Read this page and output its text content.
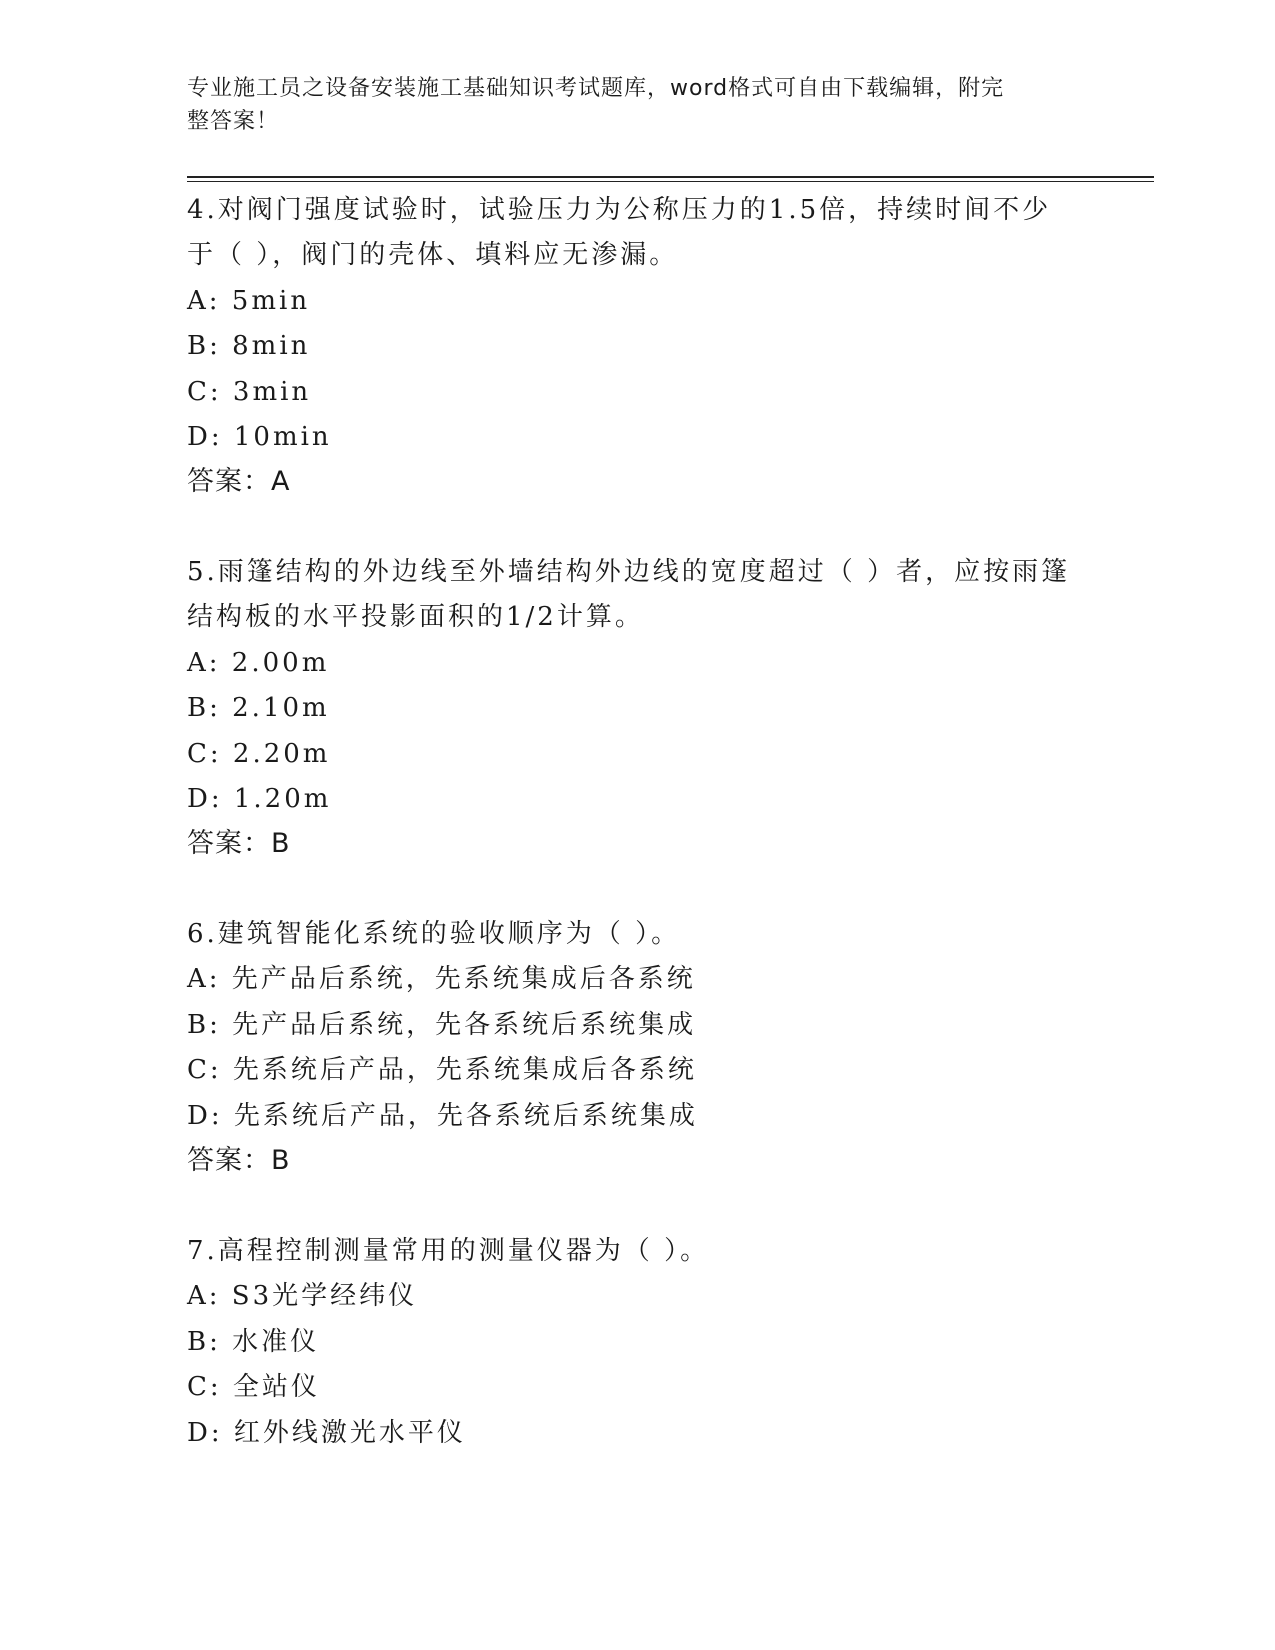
专业施工员之设备安装施工基础知识考试题库，word格式可自由下载编辑，附完
整答案！
4.对阀门强度试验时，试验压力为公称压力的1.5倍，持续时间不少
于（ ），阀门的壳体、填料应无渗漏。
A: 5min
B: 8min
C: 3min
D: 10min
答案：A
5.雨篷结构的外边线至外墙结构外边线的宽度超过（ ）者，应按雨篷
结构板的水平投影面积的1/2计算。
A: 2.00m
B: 2.10m
C: 2.20m
D: 1.20m
答案：B
6.建筑智能化系统的验收顺序为（ ）。
A: 先产品后系统，先系统集成后各系统
B: 先产品后系统，先各系统后系统集成
C: 先系统后产品，先系统集成后各系统
D: 先系统后产品，先各系统后系统集成
答案：B
7.高程控制测量常用的测量仪器为（ ）。
A: S3光学经纬仪
B: 水准仪
C: 全站仪
D: 红外线激光水平仪
